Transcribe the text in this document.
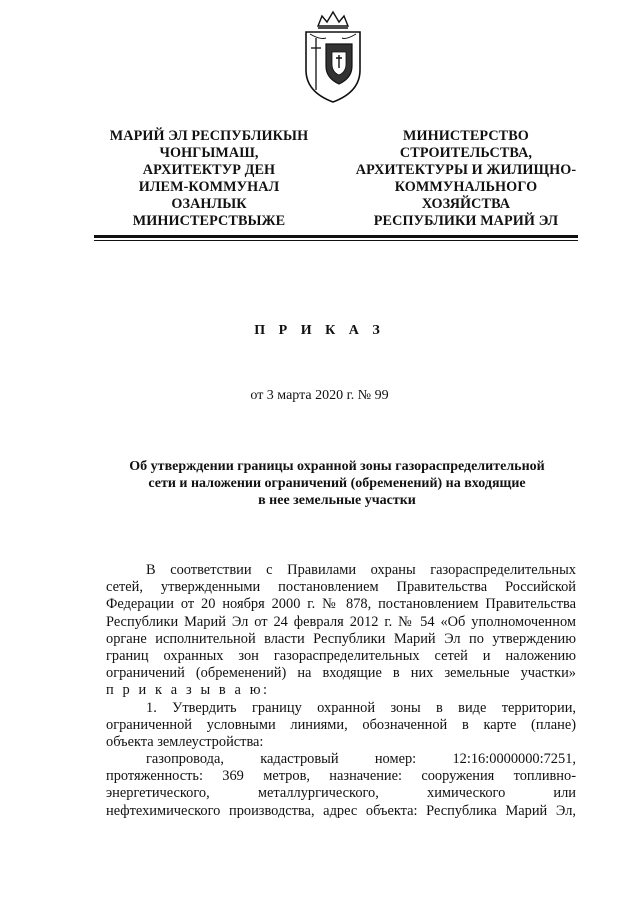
МАРИЙ ЭЛ РЕСПУБЛИКЫН
ЧОНГЫМАШ,
АРХИТЕКТУР ДЕН
ИЛЕМ-КОММУНАЛ
ОЗАНЛЫК
МИНИСТЕРСТВЫЖЕ
МИНИСТЕРСТВО
СТРОИТЕЛЬСТВА,
АРХИТЕКТУРЫ И ЖИЛИЩНО-
КОММУНАЛЬНОГО
ХОЗЯЙСТВА
РЕСПУБЛИКИ МАРИЙ ЭЛ
П Р И К А З
от 3 марта 2020 г. № 99
Об утверждении границы охранной зоны газораспределительной
сети и наложении ограничений (обременений) на входящие
в нее земельные участки
В соответствии с Правилами охраны газораспределительных
сетей, утвержденными постановлением Правительства Российской
Федерации от 20 ноября 2000 г. № 878, постановлением Правительства
Республики Марий Эл от 24 февраля 2012 г. № 54 «Об уполномоченном
органе исполнительной власти Республики Марий Эл по утверждению
границ охранных зон газораспределительных сетей и наложению
ограничений (обременений) на входящие в них земельные участки»
п р и к а з ы в а ю:
1. Утвердить границу охранной зоны в виде территории,
ограниченной условными линиями, обозначенной в карте (плане)
объекта землеустройства:
газопровода, кадастровый номер: 12:16:0000000:7251,
протяженность: 369 метров, назначение: сооружения топливно-
энергетического, металлургического, химического или
нефтехимического производства, адрес объекта: Республика Марий Эл,
